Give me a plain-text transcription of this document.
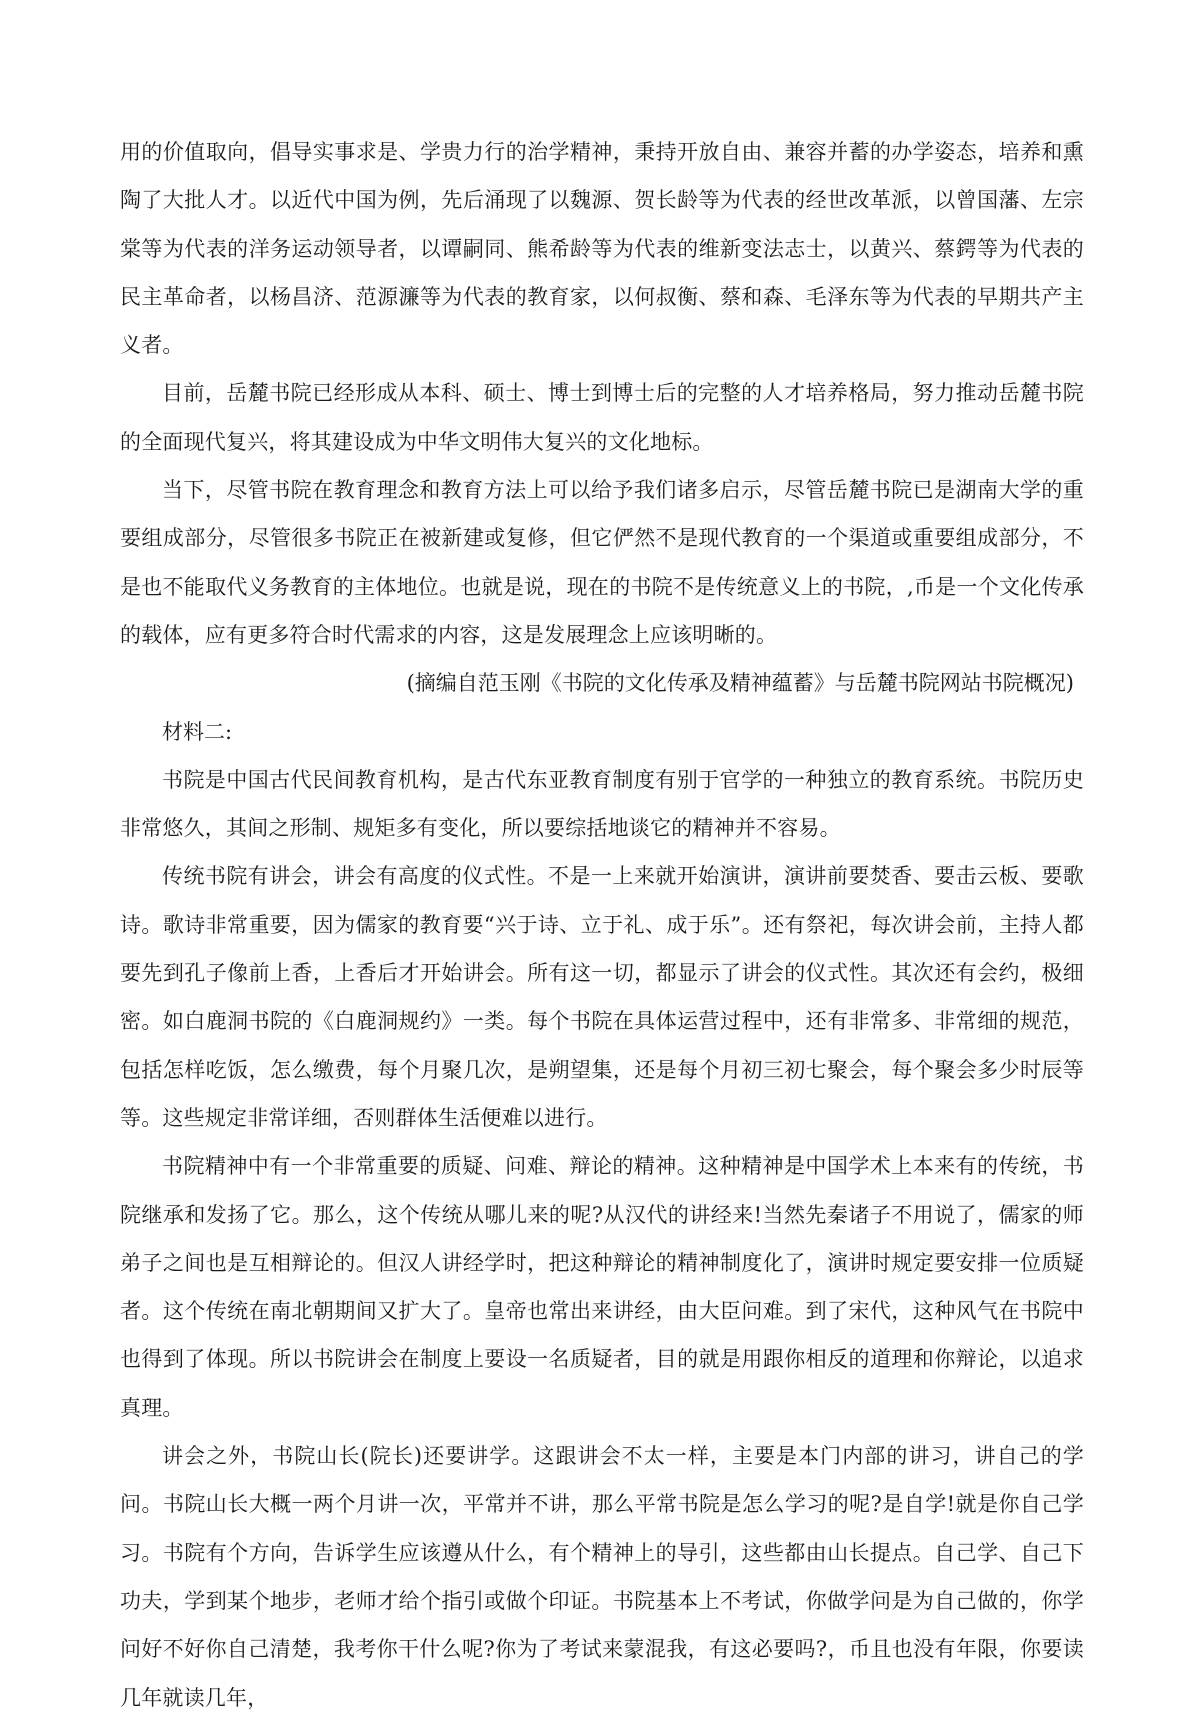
用的价值取向，倡导实事求是、学贵力行的治学精神，秉持开放自由、兼容并蓄的办学姿态，培养和熏陶了大批人才。以近代中国为例，先后涌现了以魏源、贺长龄等为代表的经世改革派，以曾国藩、左宗棠等为代表的洋务运动领导者，以谭嗣同、熊希龄等为代表的维新变法志士，以黄兴、蔡鍔等为代表的民主革命者，以杨昌济、范源濂等为代表的教育家，以何叔衡、蔡和森、毛泽东等为代表的早期共产主义者。

目前，岳麓书院已经形成从本科、硕士、博士到博士后的完整的人才培养格局，努力推动岳麓书院的全面现代复兴，将其建设成为中华文明伟大复兴的文化地标。

当下，尽管书院在教育理念和教育方法上可以给予我们诸多启示，尽管岳麓书院已是湖南大学的重要组成部分，尽管很多书院正在被新建或复修，但它俨然不是现代教育的一个渠道或重要组成部分，不是也不能取代义务教育的主体地位。也就是说，现在的书院不是传统意义上的书院，,币是一个文化传承的载体，应有更多符合时代需求的内容，这是发展理念上应该明晰的。

(摘编自范玉刚《书院的文化传承及精神蕴蓄》与岳麓书院网站书院概况)

材料二:

书院是中国古代民间教育机构，是古代东亚教育制度有别于官学的一种独立的教育系统。书院历史非常悠久，其间之形制、规矩多有变化，所以要综括地谈它的精神并不容易。

传统书院有讲会，讲会有高度的仪式性。不是一上来就开始演讲，演讲前要焚香、要击云板、要歌诗。歌诗非常重要，因为儒家的教育要“兴于诗、立于礼、成于乐”。还有祭祀，每次讲会前，主持人都要先到孔子像前上香，上香后才开始讲会。所有这一切，都显示了讲会的仪式性。其次还有会约，极细密。如白鹿洞书院的《白鹿洞规约》一类。每个书院在具体运营过程中，还有非常多、非常细的规范，包括怎样吃饭，怎么缴费，每个月聚几次，是朔望集，还是每个月初三初七聚会，每个聚会多少时辰等等。这些规定非常详细，否则群体生活便难以进行。

书院精神中有一个非常重要的质疑、问难、辩论的精神。这种精神是中国学术上本来有的传统，书院继承和发扬了它。那么，这个传统从哪儿来的呢?从汉代的讲经来!当然先秦诸子不用说了，儒家的师弟子之间也是互相辩论的。但汉人讲经学时，把这种辩论的精神制度化了，演讲时规定要安排一位质疑者。这个传统在南北朝期间又扩大了。皇帝也常出来讲经，由大臣问难。到了宋代，这种风气在书院中也得到了体现。所以书院讲会在制度上要设一名质疑者，目的就是用跟你相反的道理和你辩论，以追求真理。

讲会之外，书院山长(院长)还要讲学。这跟讲会不太一样，主要是本门内部的讲习，讲自己的学问。书院山长大概一两个月讲一次，平常并不讲，那么平常书院是怎么学习的呢?是自学!就是你自己学习。书院有个方向，告诉学生应该遵从什么，有个精神上的导引，这些都由山长提点。自己学、自己下功夫，学到某个地步，老师才给个指引或做个印证。书院基本上不考试，你做学问是为自己做的，你学问好不好你自己清楚，我考你干什么呢?你为了考试来蒙混我，有这必要吗?，币且也没有年限，你要读几年就读几年，
